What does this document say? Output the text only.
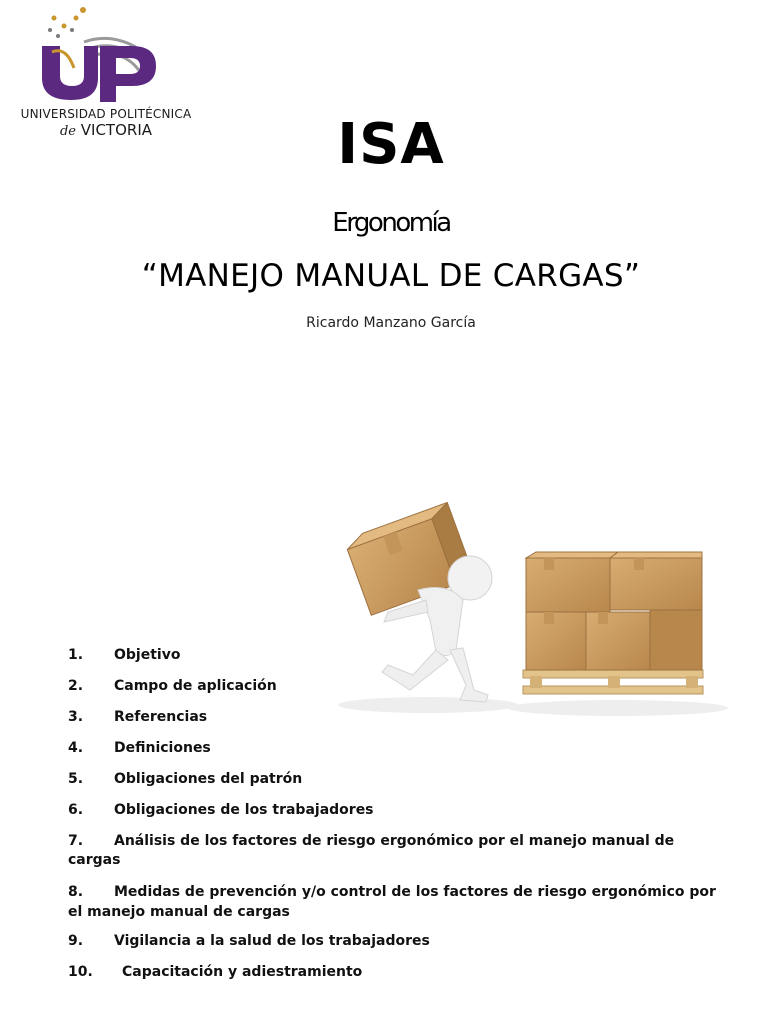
UNIVERSIDAD POLITÉCNICA
de VICTORIA	ISA
Ergonomía
“MANEJO MANUAL DE CARGAS”
Ricardo Manzano García
1. Objetivo
2. Campo de aplicación
3. Referencias
4. Definiciones
5. Obligaciones del patrón
6. Obligaciones de los trabajadores
7. Análisis de los factores de riesgo ergonómico por el manejo manual de cargas
8. Medidas de prevención y/o control de los factores de riesgo ergonómico por el manejo manual de cargas
9. Vigilancia a la salud de los trabajadores
10. Capacitación y adiestramiento
